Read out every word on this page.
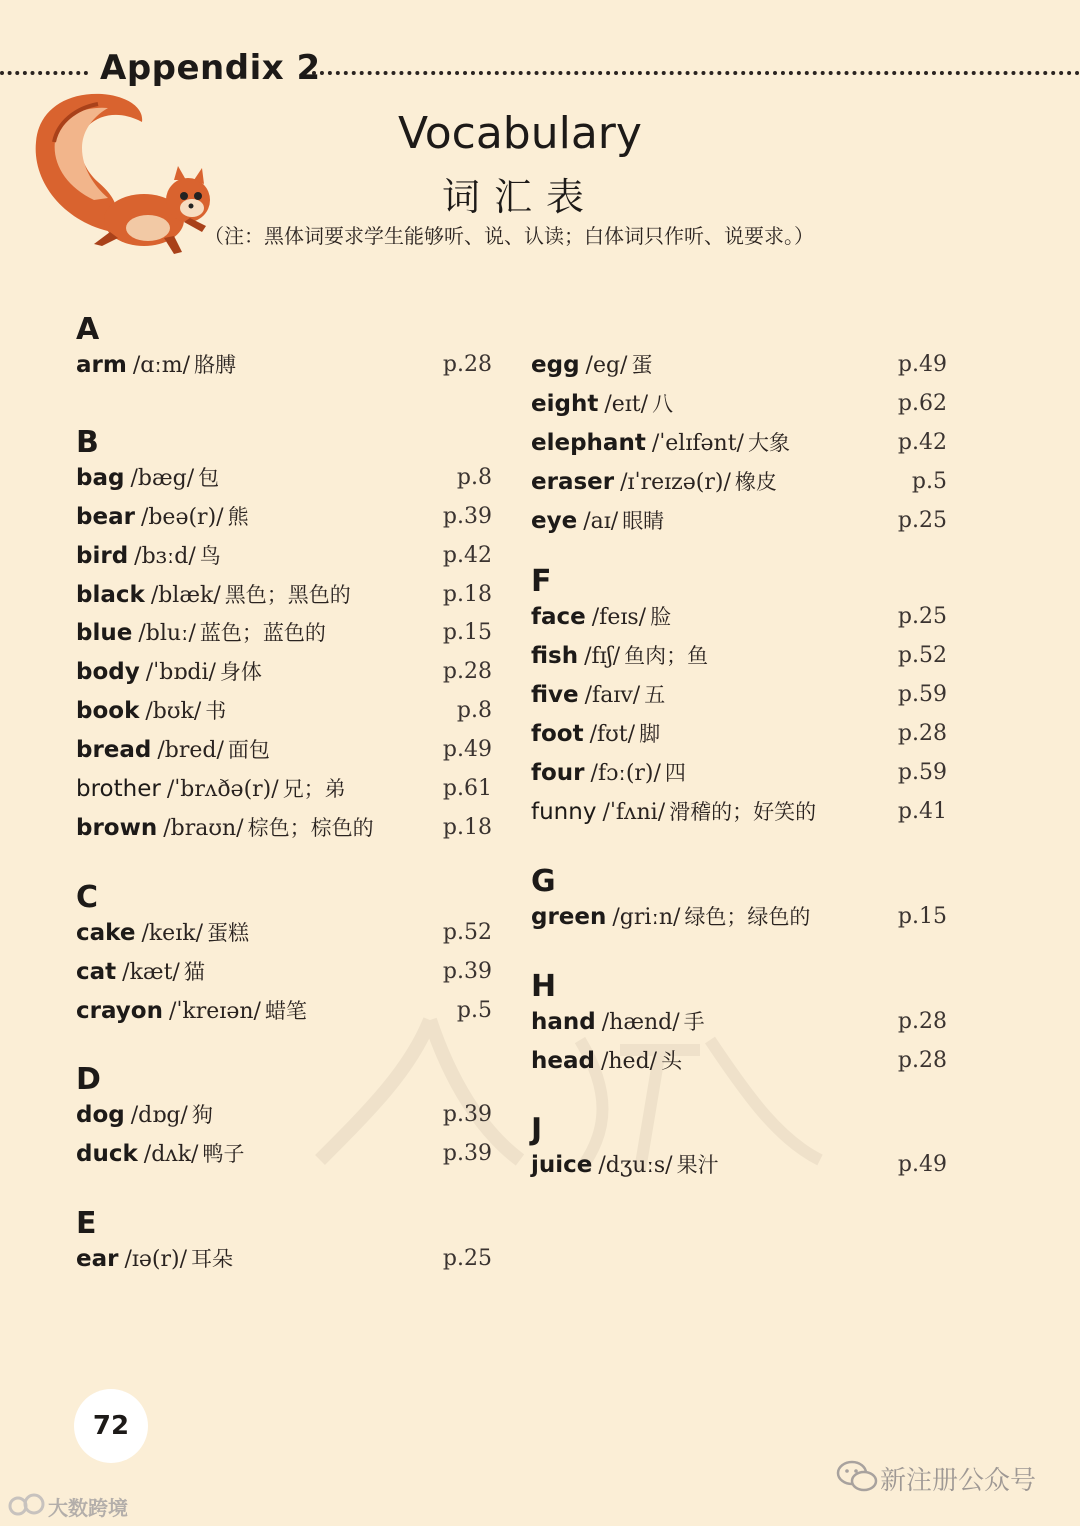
Appendix 2
Vocabulary
词汇表
（注：黑体词要求学生能够听、说、认读；白体词只作听、说要求。）
A
arm /ɑːm/ 胳膊	p.28
B
bag /bæg/ 包	p.8
bear /beə(r)/ 熊	p.39
bird /bɜːd/ 鸟	p.42
black /blæk/ 黑色；黑色的	p.18
blue /bluː/ 蓝色；蓝色的	p.15
body /ˈbɒdi/ 身体	p.28
book /bʊk/ 书	p.8
bread /bred/ 面包	p.49
brother /ˈbrʌðə(r)/ 兄；弟	p.61
brown /braʊn/ 棕色；棕色的	p.18
C
cake /keɪk/ 蛋糕	p.52
cat /kæt/ 猫	p.39
crayon /ˈkreɪən/ 蜡笔	p.5
D
dog /dɒg/ 狗	p.39
duck /dʌk/ 鸭子	p.39
E
ear /ɪə(r)/ 耳朵	p.25
egg /eg/ 蛋	p.49
eight /eɪt/ 八	p.62
elephant /ˈelɪfənt/ 大象	p.42
eraser /ɪˈreɪzə(r)/ 橡皮	p.5
eye /aɪ/ 眼睛	p.25
F
face /feɪs/ 脸	p.25
fish /fɪʃ/ 鱼肉；鱼	p.52
five /faɪv/ 五	p.59
foot /fʊt/ 脚	p.28
four /fɔː(r)/ 四	p.59
funny /ˈfʌni/ 滑稽的；好笑的	p.41
G
green /griːn/ 绿色；绿色的	p.15
H
hand /hænd/ 手	p.28
head /hed/ 头	p.28
J
juice /dʒuːs/ 果汁	p.49
72
大数跨境
新注册公众号
